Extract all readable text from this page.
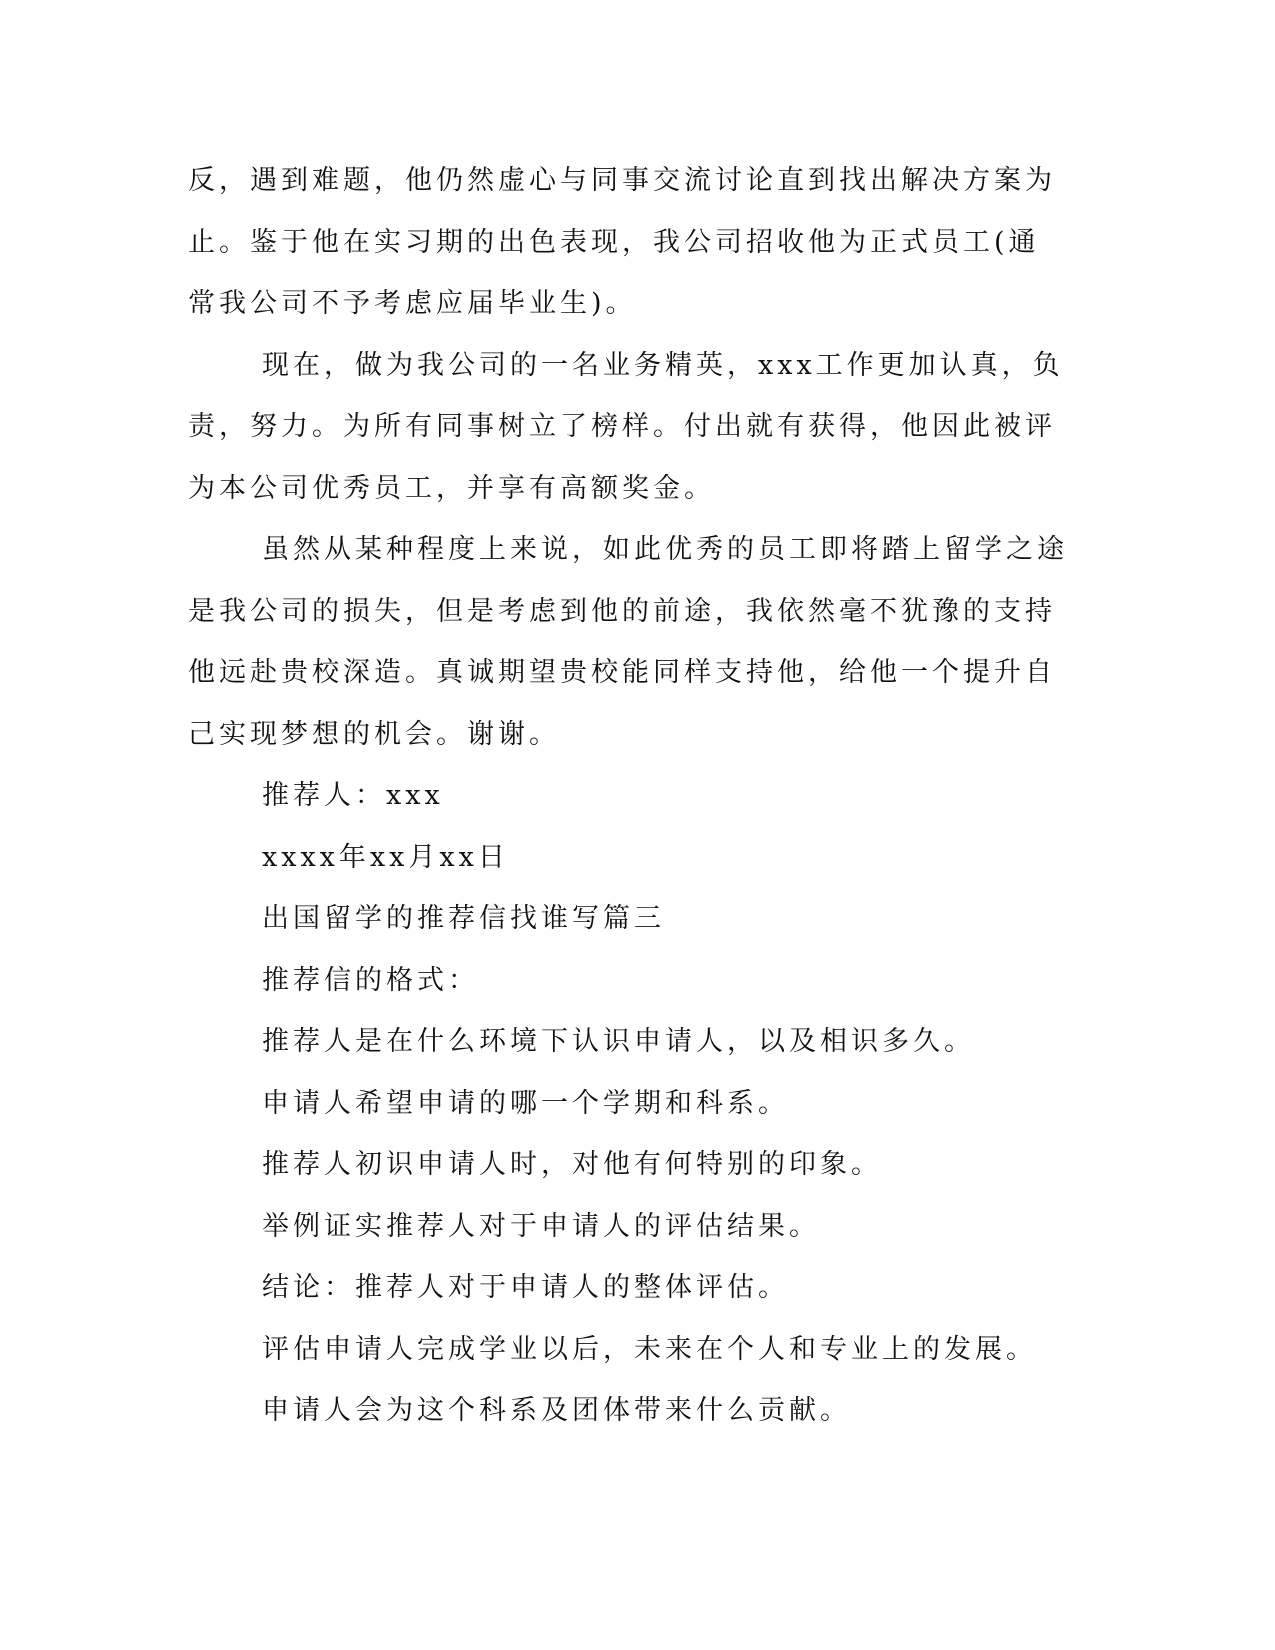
反，遇到难题，他仍然虚心与同事交流讨论直到找出解决方案为止。鉴于他在实习期的出色表现，我公司招收他为正式员工(通常我公司不予考虑应届毕业生)。

现在，做为我公司的一名业务精英，xxx工作更加认真，负责，努力。为所有同事树立了榜样。付出就有获得，他因此被评为本公司优秀员工，并享有高额奖金。

虽然从某种程度上来说，如此优秀的员工即将踏上留学之途是我公司的损失，但是考虑到他的前途，我依然毫不犹豫的支持他远赴贵校深造。真诚期望贵校能同样支持他，给他一个提升自己实现梦想的机会。谢谢。

推荐人：xxx
xxxx年xx月xx日
出国留学的推荐信找谁写篇三
推荐信的格式：
推荐人是在什么环境下认识申请人，以及相识多久。
申请人希望申请的哪一个学期和科系。
推荐人初识申请人时，对他有何特别的印象。
举例证实推荐人对于申请人的评估结果。
结论：推荐人对于申请人的整体评估。
评估申请人完成学业以后，未来在个人和专业上的发展。
申请人会为这个科系及团体带来什么贡献。
